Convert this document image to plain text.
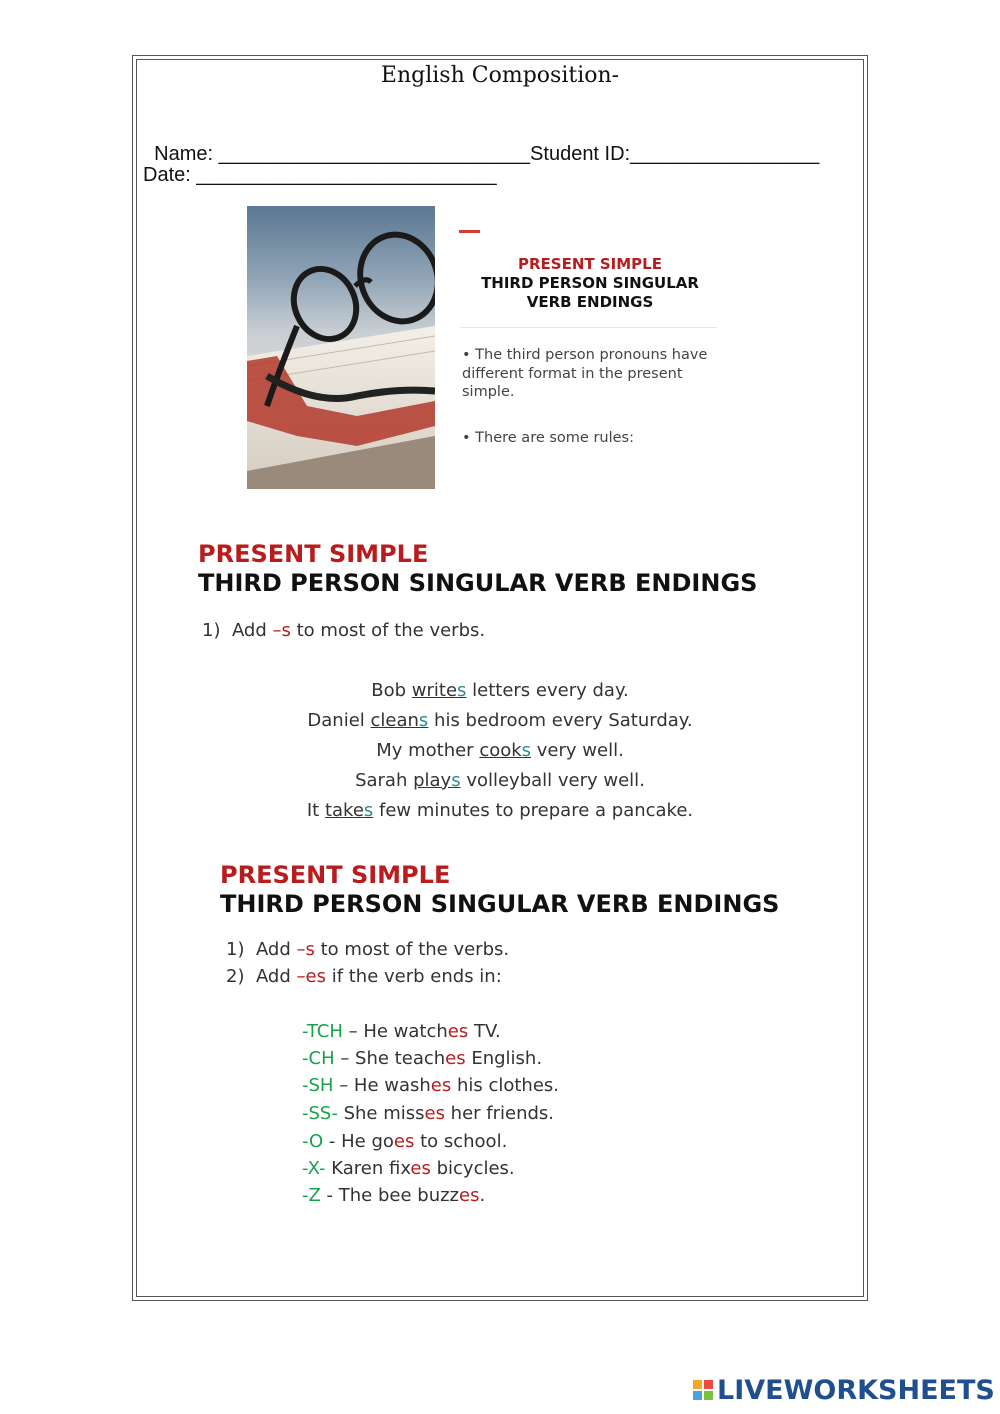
English Composition-

Name: ____________________________Student ID:_________________

Date: ___________________________
PRESENT SIMPLE
THIRD PERSON SINGULAR
VERB ENDINGS
• The third person pronouns have different format in the present simple.
• There are some rules:
PRESENT SIMPLE
THIRD PERSON SINGULAR VERB ENDINGS
1) Add –s to most of the verbs.
Bob writes letters every day.
Daniel cleans his bedroom every Saturday.
My mother cooks very well.
Sarah plays volleyball very well.
It takes few minutes to prepare a pancake.
PRESENT SIMPLE
THIRD PERSON SINGULAR VERB ENDINGS
1) Add –s to most of the verbs.
2) Add –es if the verb ends in:
-TCH – He watches TV.
-CH – She teaches English.
-SH – He washes his clothes.
-SS- She misses her friends.
-O - He goes to school.
-X- Karen fixes bicycles.
-Z - The bee buzzes.
LIVEWORKSHEETS
